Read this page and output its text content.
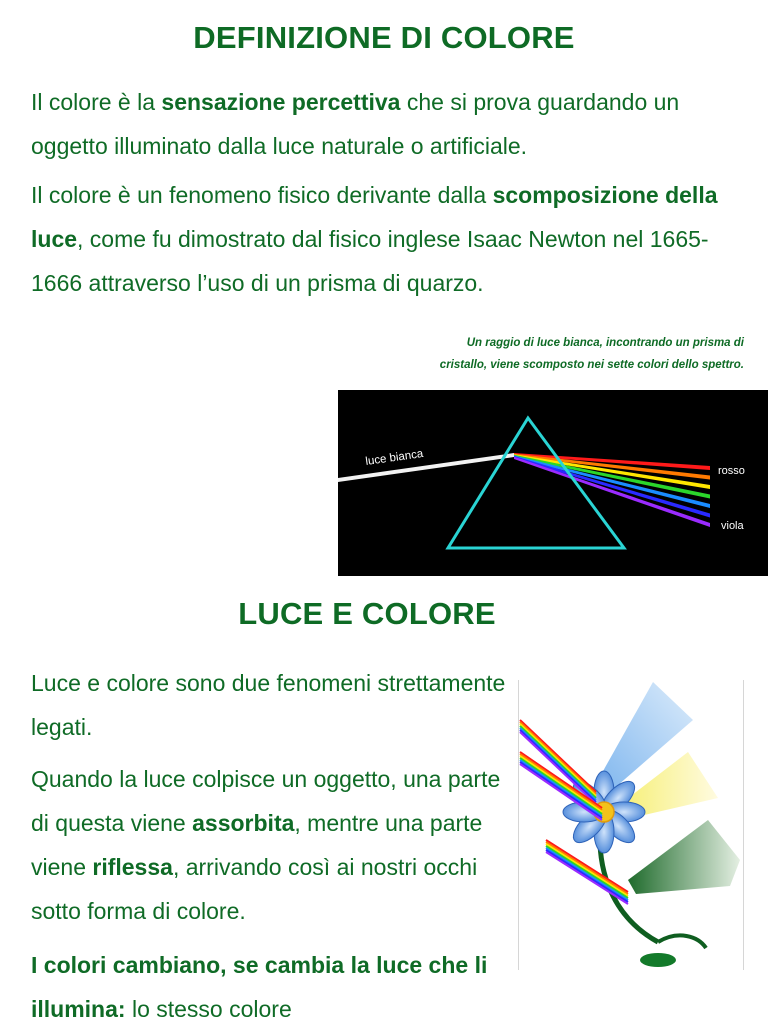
DEFINIZIONE DI COLORE

Il colore è la sensazione percettiva che si prova guardando un oggetto illuminato dalla luce naturale o artificiale.

Il colore è un fenomeno fisico derivante dalla scomposizione della luce, come fu dimostrato dal fisico inglese Isaac Newton nel 1665-1666 attraverso l’uso di un prisma di quarzo.

Un raggio di luce bianca, incontrando un prisma di
cristallo, viene scomposto nei sette colori dello spettro.
luce bianca
rosso
viola
LUCE E COLORE

Luce e colore sono due fenomeni strettamente legati.

Quando la luce colpisce un oggetto, una parte di questa viene assorbita, mentre una parte viene riflessa, arrivando così ai nostri occhi sotto forma di colore.

I colori cambiano, se cambia la luce che li illumina: lo stesso colore
